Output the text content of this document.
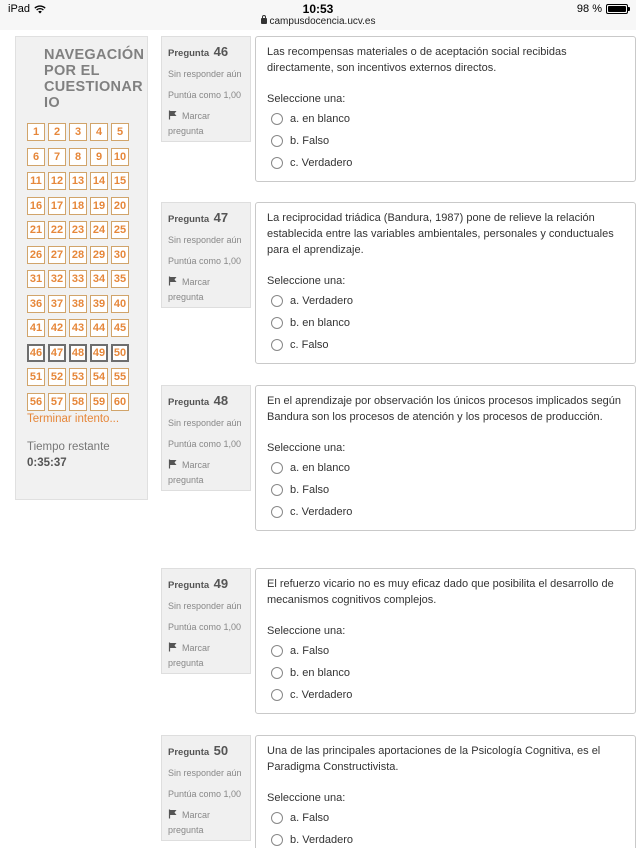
iPad	10:53
campusdocencia.ucv.es
98 %
NAVEGACIÓN
POR EL
CUESTIONAR
IO
1	2	3	4	5
6	7	8	9	10
11 12 13 14 15
16 17 18 19 20
21 22 23 24 25
26 27 28 29 30
31 32 33 34 35
36 37 38 39 40
41 42 43 44 45
46 47 48 49 50
51 52 53 54 55
56 57 58 59 60
Terminar intento...
Tiempo restante
0:35:37
Pregunta 46
Sin responder aún
Puntúa como 1,00
Marcar
pregunta
Las recompensas materiales o de aceptación social recibidas directamente, son incentivos externos directos.
Seleccione una:
a. en blanco
b. Falso
c. Verdadero
Pregunta 47
Sin responder aún
Puntúa como 1,00
Marcar
pregunta
La reciprocidad triádica (Bandura, 1987) pone de relieve la relación establecida entre las variables ambientales, personales y conductuales para el aprendizaje.
Seleccione una:
a. Verdadero
b. en blanco
c. Falso
Pregunta 48
Sin responder aún
Puntúa como 1,00
Marcar
pregunta
En el aprendizaje por observación los únicos procesos implicados según Bandura son los procesos de atención y los procesos de producción.
Seleccione una:
a. en blanco
b. Falso
c. Verdadero
Pregunta 49
Sin responder aún
Puntúa como 1,00
Marcar
pregunta
El refuerzo vicario no es muy eficaz dado que posibilita el desarrollo de mecanismos cognitivos complejos.
Seleccione una:
a. Falso
b. en blanco
c. Verdadero
Pregunta 50
Sin responder aún
Puntúa como 1,00
Marcar
pregunta
Una de las principales aportaciones de la Psicología Cognitiva, es el Paradigma Constructivista.
Seleccione una:
a. Falso
b. Verdadero
